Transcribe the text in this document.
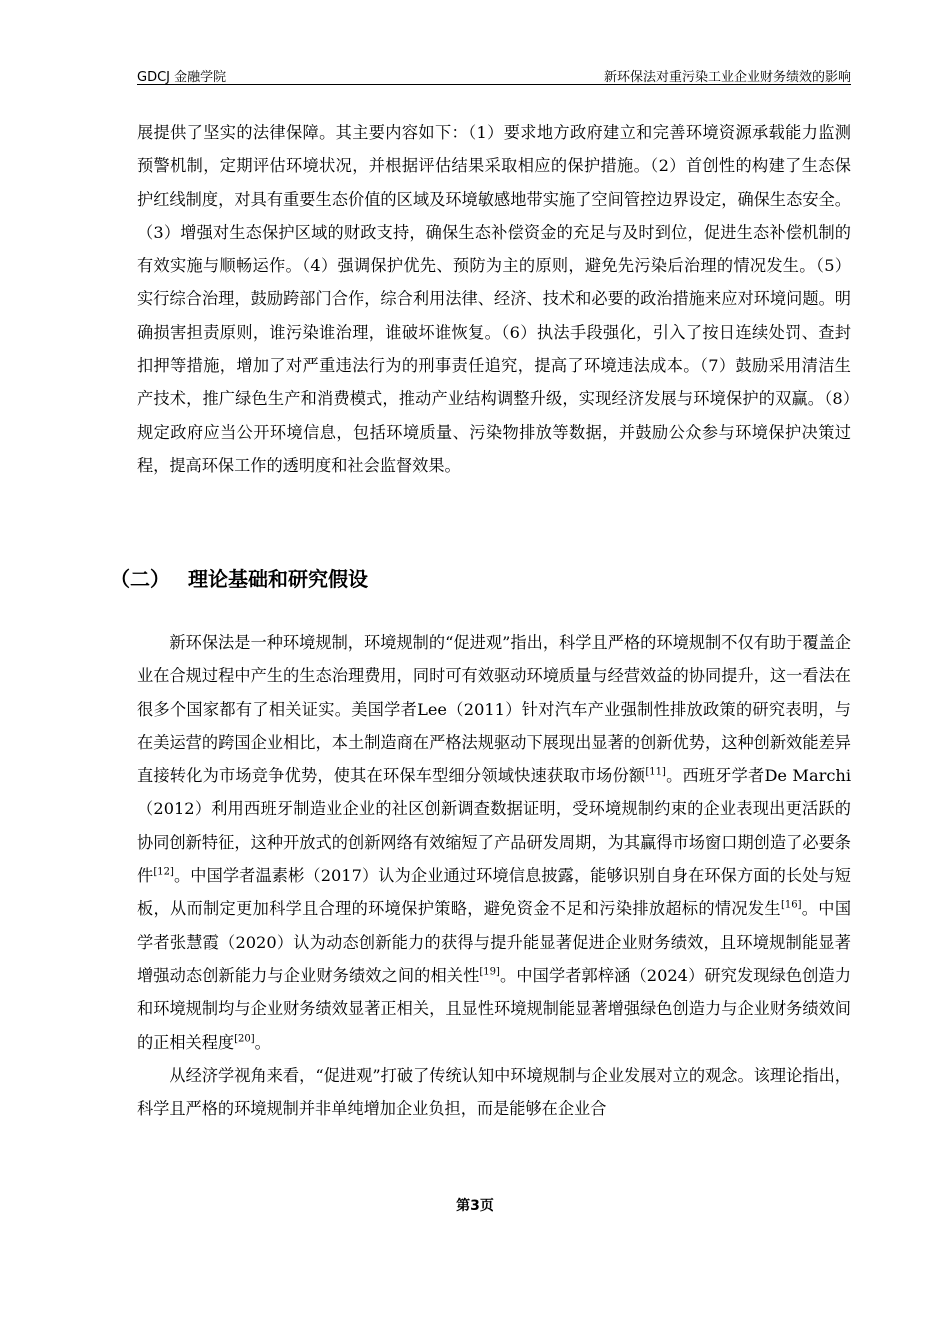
GDCJ 金融学院	新环保法对重污染工业企业财务绩效的影响

展提供了坚实的法律保障。其主要内容如下：（1）要求地方政府建立和完善环境资源承载能力监测预警机制，定期评估环境状况，并根据评估结果采取相应的保护措施。（2）首创性的构建了生态保护红线制度，对具有重要生态价值的区域及环境敏感地带实施了空间管控边界设定，确保生态安全。（3）增强对生态保护区域的财政支持，确保生态补偿资金的充足与及时到位，促进生态补偿机制的有效实施与顺畅运作。（4）强调保护优先、预防为主的原则，避免先污染后治理的情况发生。（5）实行综合治理，鼓励跨部门合作，综合利用法律、经济、技术和必要的政治措施来应对环境问题。明确损害担责原则，谁污染谁治理，谁破坏谁恢复。（6）执法手段强化，引入了按日连续处罚、查封扣押等措施，增加了对严重违法行为的刑事责任追究，提高了环境违法成本。（7）鼓励采用清洁生产技术，推广绿色生产和消费模式，推动产业结构调整升级，实现经济发展与环境保护的双赢。（8）规定政府应当公开环境信息，包括环境质量、污染物排放等数据，并鼓励公众参与环境保护决策过程，提高环保工作的透明度和社会监督效果。

（二） 理论基础和研究假设

新环保法是一种环境规制，环境规制的“促进观”指出，科学且严格的环境规制不仅有助于覆盖企业在合规过程中产生的生态治理费用，同时可有效驱动环境质量与经营效益的协同提升，这一看法在很多个国家都有了相关证实。美国学者Lee（2011）针对汽车产业强制性排放政策的研究表明，与在美运营的跨国企业相比，本土制造商在严格法规驱动下展现出显著的创新优势，这种创新效能差异直接转化为市场竞争优势，使其在环保车型细分领域快速获取市场份额[11]。西班牙学者De Marchi（2012）利用西班牙制造业企业的社区创新调查数据证明，受环境规制约束的企业表现出更活跃的协同创新特征，这种开放式的创新网络有效缩短了产品研发周期，为其赢得市场窗口期创造了必要条件[12]。中国学者温素彬（2017）认为企业通过环境信息披露，能够识别自身在环保方面的长处与短板，从而制定更加科学且合理的环境保护策略，避免资金不足和污染排放超标的情况发生[16]。中国学者张慧霞（2020）认为动态创新能力的获得与提升能显著促进企业财务绩效，且环境规制能显著增强动态创新能力与企业财务绩效之间的相关性[19]。中国学者郭梓涵（2024）研究发现绿色创造力和环境规制均与企业财务绩效显著正相关，且显性环境规制能显著增强绿色创造力与企业财务绩效间的正相关程度[20]。

从经济学视角来看，“促进观”打破了传统认知中环境规制与企业发展对立的观念。该理论指出，科学且严格的环境规制并非单纯增加企业负担，而是能够在企业合

第3页
